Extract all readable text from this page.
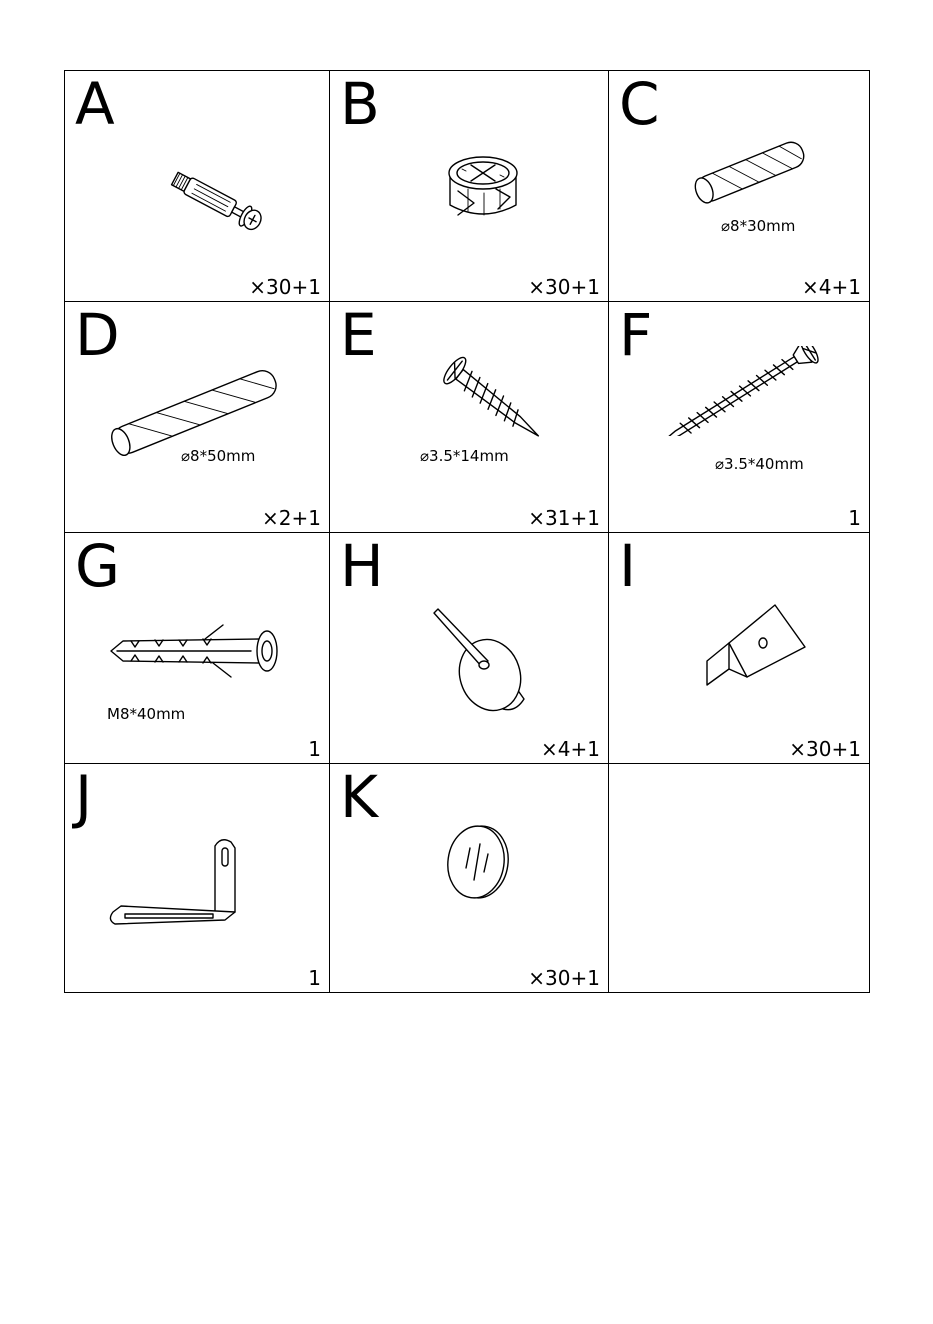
A
×30+1
B
×30+1
C
⌀8*30mm
×4+1
D
⌀8*50mm
×2+1
E
⌀3.5*14mm
×31+1
F
⌀3.5*40mm
1
G
M8*40mm
1
H
×4+1
I
×30+1
J
1
K
×30+1
